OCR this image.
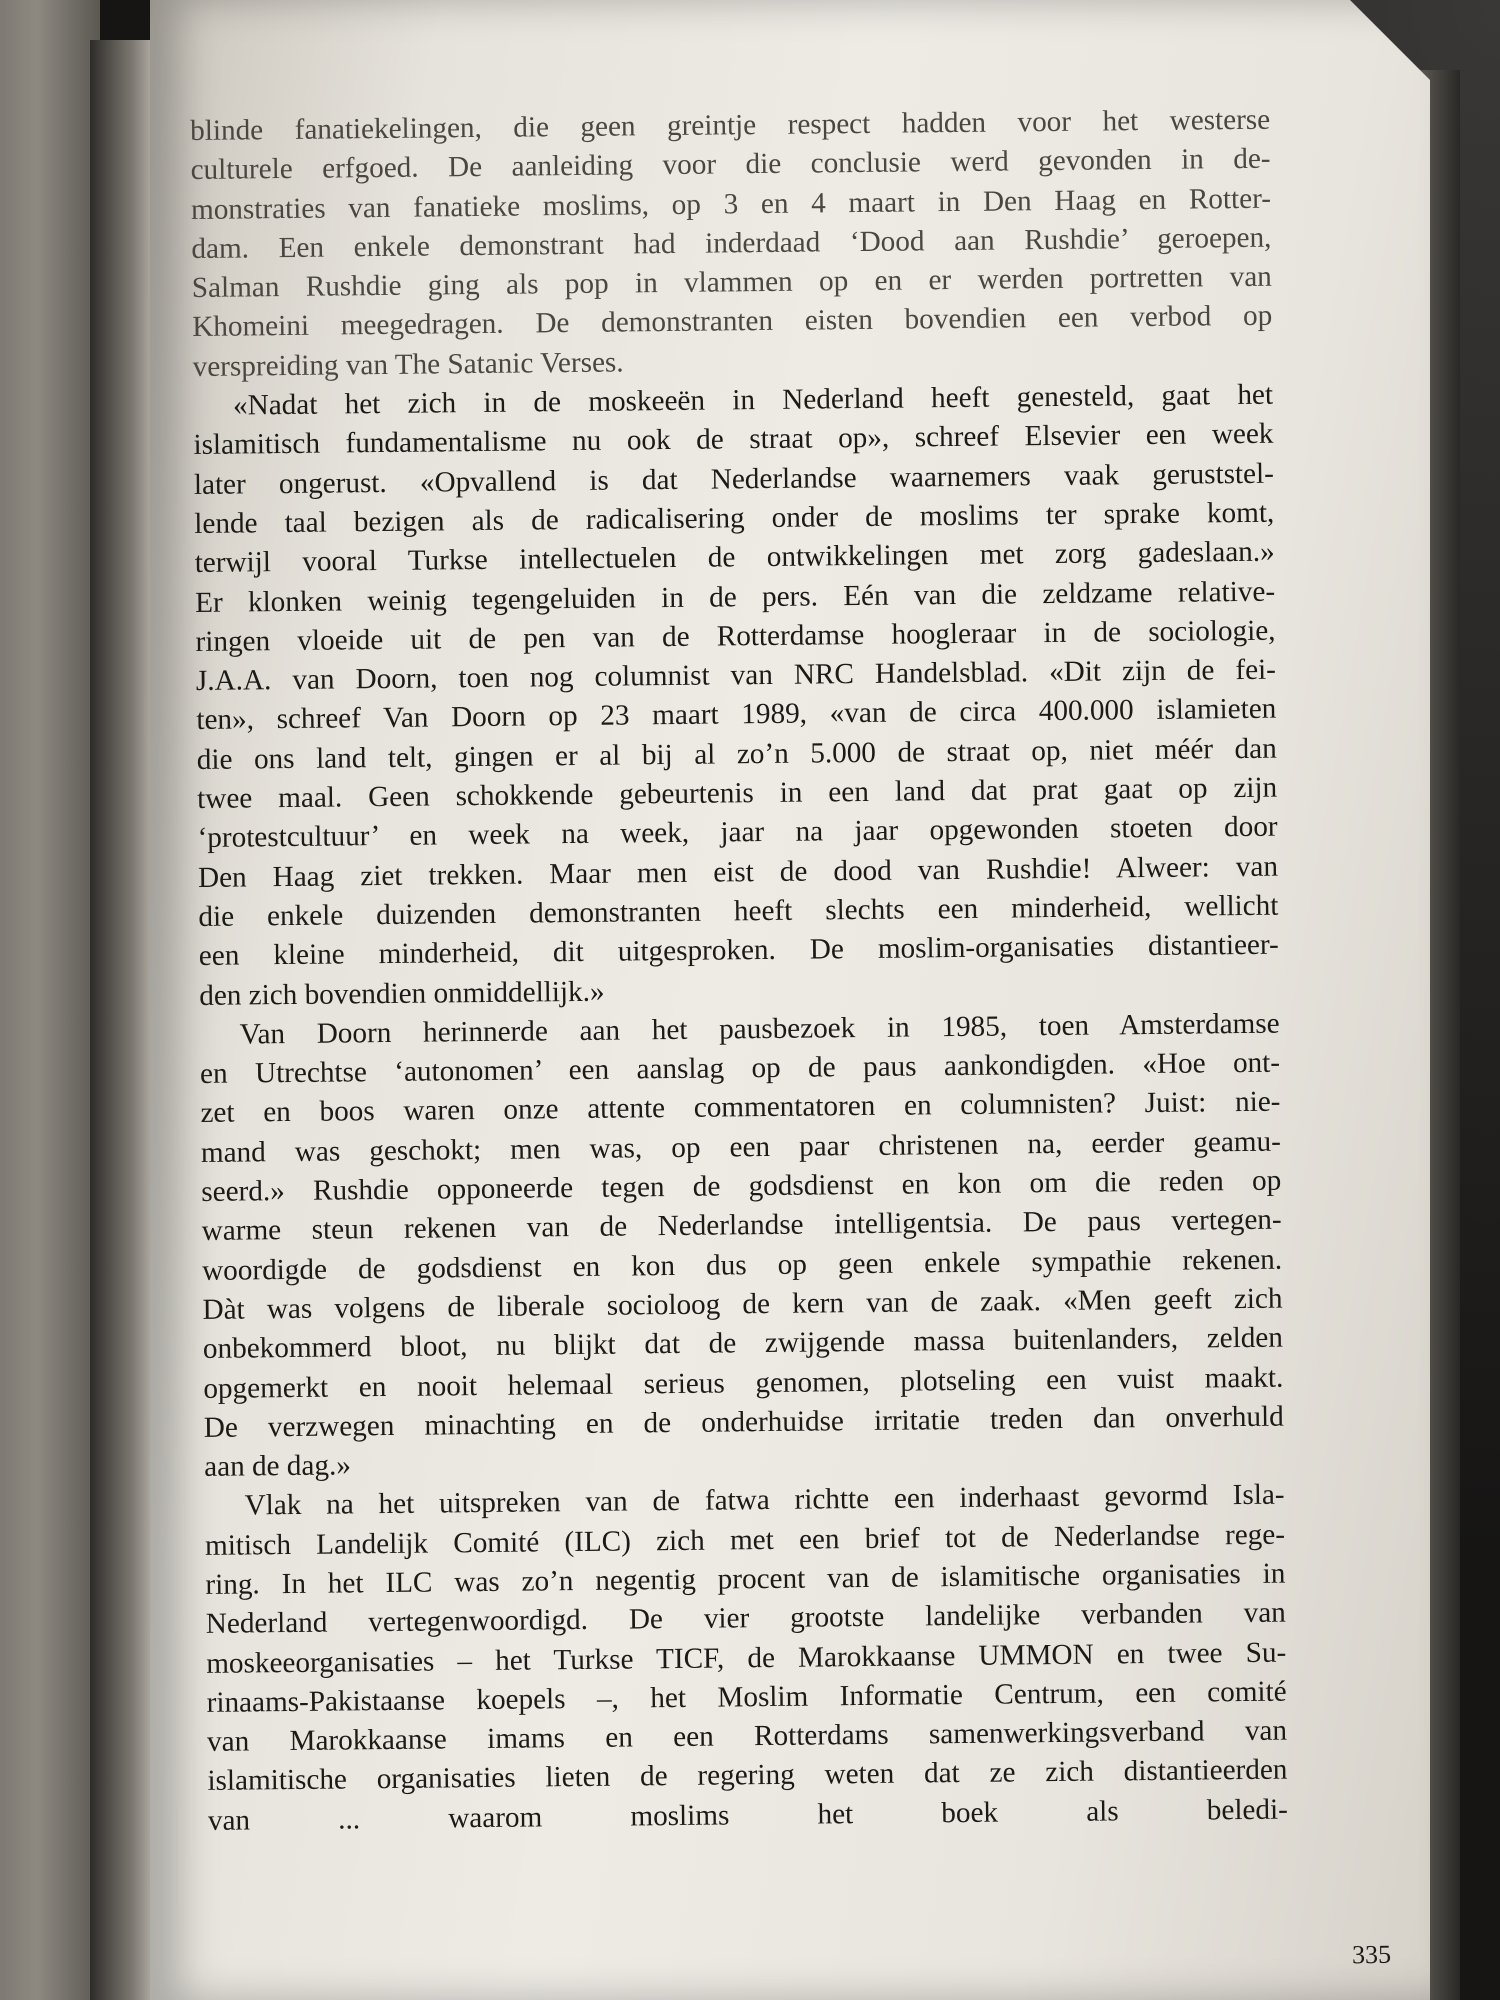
blinde fanatiekelingen, die geen greintje respect hadden voor het westerse
culturele erfgoed. De aanleiding voor die conclusie werd gevonden in de-
monstraties van fanatieke moslims, op 3 en 4 maart in Den Haag en Rotter-
dam. Een enkele demonstrant had inderdaad ‘Dood aan Rushdie’ geroepen,
Salman Rushdie ging als pop in vlammen op en er werden portretten van
Khomeini meegedragen. De demonstranten eisten bovendien een verbod op
verspreiding van The Satanic Verses.
«Nadat het zich in de moskeeën in Nederland heeft genesteld, gaat het
islamitisch fundamentalisme nu ook de straat op», schreef Elsevier een week
later ongerust. «Opvallend is dat Nederlandse waarnemers vaak geruststel-
lende taal bezigen als de radicalisering onder de moslims ter sprake komt,
terwijl vooral Turkse intellectuelen de ontwikkelingen met zorg gadeslaan.»
Er klonken weinig tegengeluiden in de pers. Eén van die zeldzame relative-
ringen vloeide uit de pen van de Rotterdamse hoogleraar in de sociologie,
J.A.A. van Doorn, toen nog columnist van NRC Handelsblad. «Dit zijn de fei-
ten», schreef Van Doorn op 23 maart 1989, «van de circa 400.000 islamieten
die ons land telt, gingen er al bij al zo’n 5.000 de straat op, niet méér dan
twee maal. Geen schokkende gebeurtenis in een land dat prat gaat op zijn
‘protestcultuur’ en week na week, jaar na jaar opgewonden stoeten door
Den Haag ziet trekken. Maar men eist de dood van Rushdie! Alweer: van
die enkele duizenden demonstranten heeft slechts een minderheid, wellicht
een kleine minderheid, dit uitgesproken. De moslim-organisaties distantieer-
den zich bovendien onmiddellijk.»
Van Doorn herinnerde aan het pausbezoek in 1985, toen Amsterdamse
en Utrechtse ‘autonomen’ een aanslag op de paus aankondigden. «Hoe ont-
zet en boos waren onze attente commentatoren en columnisten? Juist: nie-
mand was geschokt; men was, op een paar christenen na, eerder geamu-
seerd.» Rushdie opponeerde tegen de godsdienst en kon om die reden op
warme steun rekenen van de Nederlandse intelligentsia. De paus vertegen-
woordigde de godsdienst en kon dus op geen enkele sympathie rekenen.
Dàt was volgens de liberale socioloog de kern van de zaak. «Men geeft zich
onbekommerd bloot, nu blijkt dat de zwijgende massa buitenlanders, zelden
opgemerkt en nooit helemaal serieus genomen, plotseling een vuist maakt.
De verzwegen minachting en de onderhuidse irritatie treden dan onverhuld
aan de dag.»
Vlak na het uitspreken van de fatwa richtte een inderhaast gevormd Isla-
mitisch Landelijk Comité (ILC) zich met een brief tot de Nederlandse rege-
ring. In het ILC was zo’n negentig procent van de islamitische organisaties in
Nederland vertegenwoordigd. De vier grootste landelijke verbanden van
moskeeorganisaties – het Turkse TICF, de Marokkaanse UMMON en twee Su-
rinaams-Pakistaanse koepels –, het Moslim Informatie Centrum, een comité
van Marokkaanse imams en een Rotterdams samenwerkingsverband van
islamitische organisaties lieten de regering weten dat ze zich distantieerden
van ... waarom moslims het boek als beledi-
335
